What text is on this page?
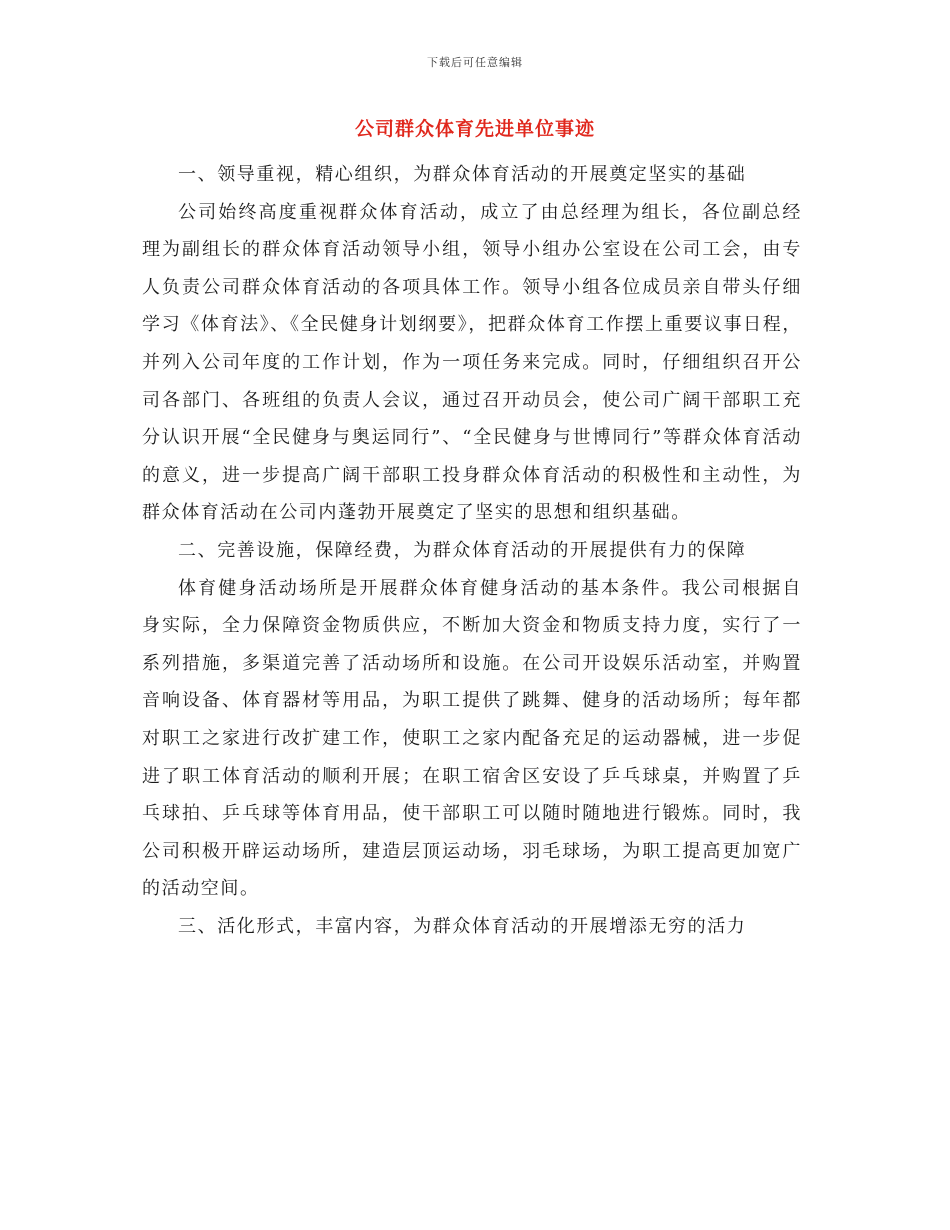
下载后可任意编辑
公司群众体育先进单位事迹

一、领导重视，精心组织，为群众体育活动的开展奠定坚实的基础

公司始终高度重视群众体育活动，成立了由总经理为组长，各位副总经理为副组长的群众体育活动领导小组，领导小组办公室设在公司工会，由专人负责公司群众体育活动的各项具体工作。领导小组各位成员亲自带头仔细学习《体育法》、《全民健身计划纲要》，把群众体育工作摆上重要议事日程，并列入公司年度的工作计划，作为一项任务来完成。同时，仔细组织召开公司各部门、各班组的负责人会议，通过召开动员会，使公司广阔干部职工充分认识开展“全民健身与奥运同行”、“全民健身与世博同行”等群众体育活动的意义，进一步提高广阔干部职工投身群众体育活动的积极性和主动性，为群众体育活动在公司内蓬勃开展奠定了坚实的思想和组织基础。

二、完善设施，保障经费，为群众体育活动的开展提供有力的保障

体育健身活动场所是开展群众体育健身活动的基本条件。我公司根据自身实际，全力保障资金物质供应，不断加大资金和物质支持力度，实行了一系列措施，多渠道完善了活动场所和设施。在公司开设娱乐活动室，并购置音响设备、体育器材等用品，为职工提供了跳舞、健身的活动场所；每年都对职工之家进行改扩建工作，使职工之家内配备充足的运动器械，进一步促进了职工体育活动的顺利开展；在职工宿舍区安设了乒乓球桌，并购置了乒乓球拍、乒乓球等体育用品，使干部职工可以随时随地进行锻炼。同时，我公司积极开辟运动场所，建造层顶运动场，羽毛球场，为职工提高更加宽广的活动空间。

三、活化形式，丰富内容，为群众体育活动的开展增添无穷的活力
